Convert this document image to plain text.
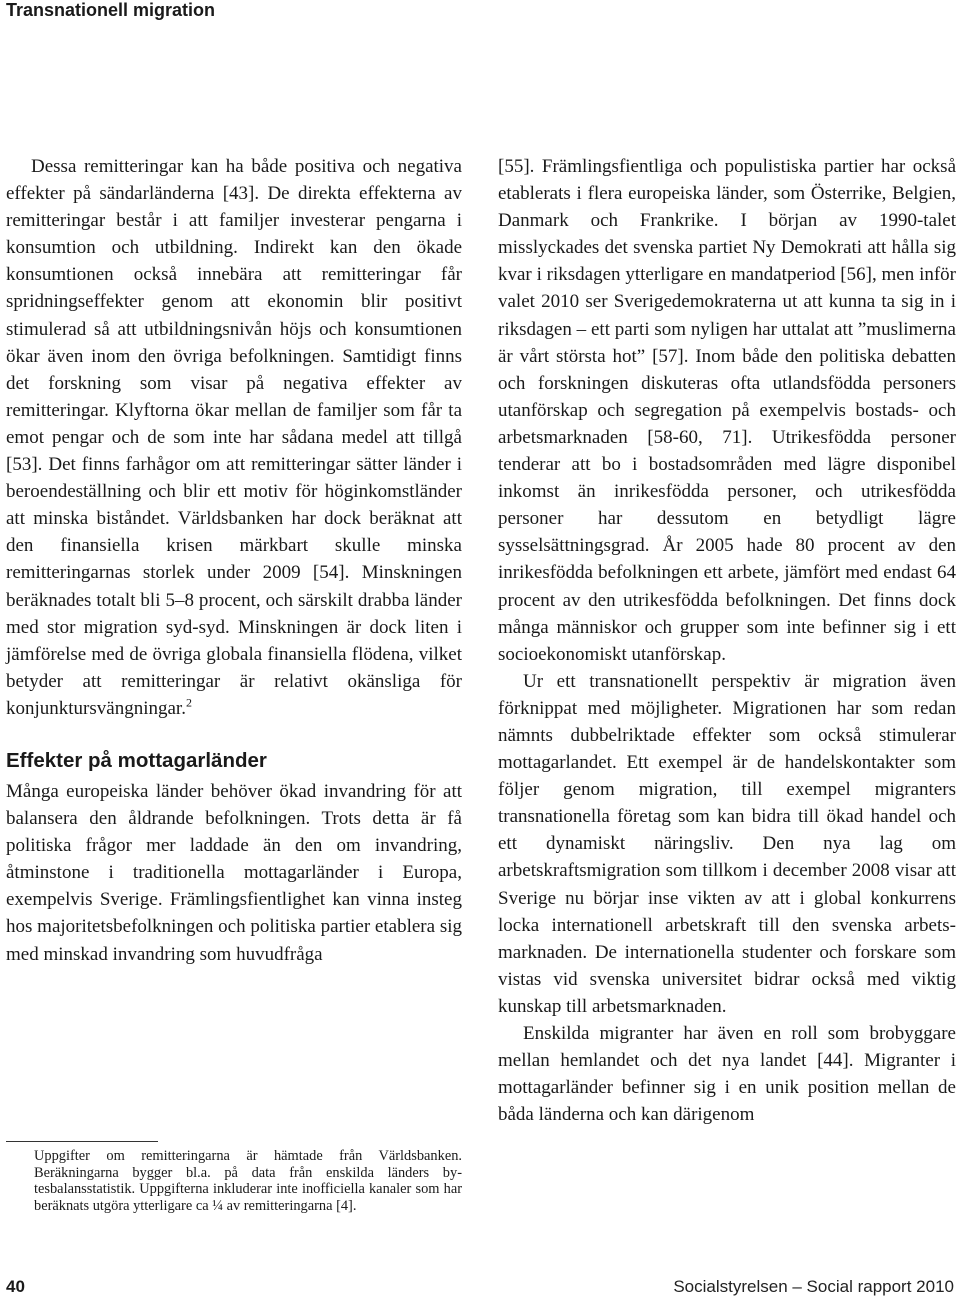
Transnationell migration

Dessa remitteringar kan ha både positiva och negativa effekter på sändarländerna [43]. De direkta effekterna av remitteringar består i att familjer investerar pengarna i konsumtion och utbildning. Indirekt kan den ökade konsumtionen också innebära att remitteringar får spridningseffekter genom att ekonomin blir positivt stimulerad så att utbildningsnivån höjs och konsumtionen ökar även inom den övriga befolkningen. Samtidigt finns det forskning som visar på negativa effekter av remitteringar. Klyftorna ökar mellan de familjer som får ta emot pengar och de som inte har sådana medel att tillgå [53]. Det finns farhågor om att remitteringar sätter länder i beroendeställning och blir ett motiv för höginkomstländer att minska biståndet. Världsbanken har dock beräknat att den finansiella krisen märkbart skulle minska remitteringarnas storlek under 2009 [54]. Minskningen beräknades totalt bli 5–8 procent, och särskilt drabba länder med stor migration syd-syd. Minskningen är dock liten i jämförelse med de övriga globala finansiella flödena, vilket betyder att remitteringar är relativt okänsliga för konjunktursvängningar.$^2$

Effekter på mottagarländer

Många europeiska länder behöver ökad invandring för att balansera den åldrande befolkningen. Trots detta är få politiska frågor mer laddade än den om invandring, åtminstone i traditionella mottagarländer i Europa, exempelvis Sverige. Främlingsfientlighet kan vinna insteg hos majoritetsbefolkningen och politiska partier etablera sig med minskad invandring som huvudfråga

[55]. Främlingsfientliga och populistiska partier har också etablerats i flera europeiska länder, som Österrike, Belgien, Danmark och Frankrike. I början av 1990-talet misslyckades det svenska partiet Ny Demokrati att hålla sig kvar i riksdagen ytterligare en mandatperiod [56], men inför valet 2010 ser Sverigedemokraterna ut att kunna ta sig in i riksdagen – ett parti som nyligen har uttalat att ”muslimerna är vårt största hot” [57]. Inom både den politiska debatten och forskningen diskuteras ofta utlandsfödda personers utanförskap och segregation på exempelvis bostads- och arbetsmarknaden [58-60, 71]. Utrikesfödda personer tenderar att bo i bostadsområden med lägre disponibel inkomst än inrikesfödda personer, och utrikesfödda personer har dessutom en betydligt lägre sysselsättningsgrad. År 2005 hade 80 procent av den inrikesfödda befolkningen ett arbete, jämfört med endast 64 procent av den utrikesfödda befolkningen. Det finns dock många människor och grupper som inte befinner sig i ett socioekonomiskt utanförskap.

Ur ett transnationellt perspektiv är migration även förknippat med möjligheter. Migrationen har som redan nämnts dubbelriktade effekter som också stimulerar mottagarlandet. Ett exempel är de handelskontakter som följer genom migration, till exempel migranters transnationella företag som kan bidra till ökad handel och ett dynamiskt näringsliv. Den nya lag om arbetskraftsmigration som tillkom i december 2008 visar att Sverige nu börjar inse vikten av att i global konkurrens locka internationell arbetskraft till den svenska arbetsmarknaden. De internationella studenter och forskare som vistas vid svenska universitet bidrar också med viktig kunskap till arbetsmarknaden.

Enskilda migranter har även en roll som brobyggare mellan hemlandet och det nya landet [44]. Migranter i mottagarländer befinner sig i en unik position mellan de båda länderna och kan därigenom

Uppgifter om remitteringarna är hämtade från Världsbanken. Beräkningarna bygger bl.a. på data från enskilda länders bytesbalansstatistik. Uppgifterna inkluderar inte inofficiella kanaler som har beräknats utgöra ytterligare ca ¼ av remitteringarna [4].
40	Socialstyrelsen – Social rapport 2010
